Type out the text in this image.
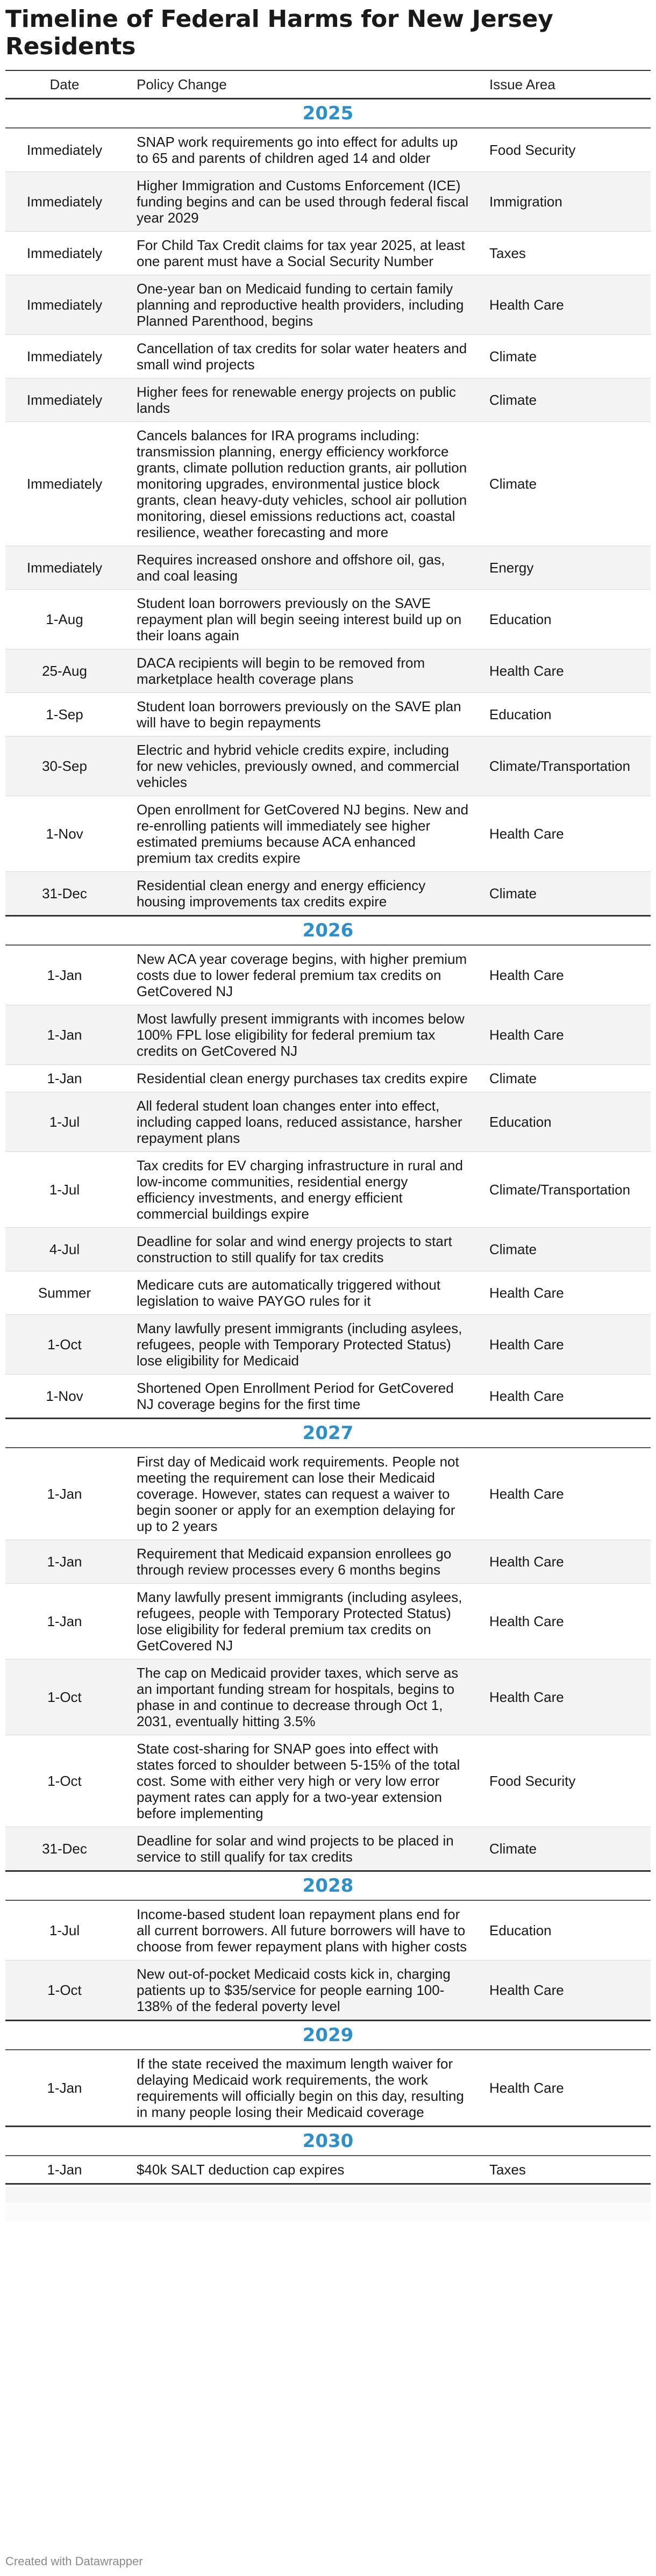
Timeline of Federal Harms for New Jersey Residents
Date	Policy Change	Issue Area
2025		
Immediately	SNAP work requirements go into effect for adults up to 65 and parents of children aged 14 and older	Food Security
Immediately	Higher Immigration and Customs Enforcement (ICE) funding begins and can be used through federal fiscal year 2029	Immigration
Immediately	For Child Tax Credit claims for tax year 2025, at least one parent must have a Social Security Number	Taxes
Immediately	One-year ban on Medicaid funding to certain family planning and reproductive health providers, including Planned Parenthood, begins	Health Care
Immediately	Cancellation of tax credits for solar water heaters and small wind projects	Climate
Immediately	Higher fees for renewable energy projects on public lands	Climate
Immediately	Cancels balances for IRA programs including: transmission planning, energy efficiency workforce grants, climate pollution reduction grants, air pollution monitoring upgrades, environmental justice block grants, clean heavy-duty vehicles, school air pollution monitoring, diesel emissions reductions act, coastal resilience, weather forecasting and more	Climate
Immediately	Requires increased onshore and offshore oil, gas, and coal leasing	Energy
1-Aug	Student loan borrowers previously on the SAVE repayment plan will begin seeing interest build up on their loans again	Education
25-Aug	DACA recipients will begin to be removed from marketplace health coverage plans	Health Care
1-Sep	Student loan borrowers previously on the SAVE plan will have to begin repayments	Education
30-Sep	Electric and hybrid vehicle credits expire, including for new vehicles, previously owned, and commercial vehicles	Climate/Transportation
1-Nov	Open enrollment for GetCovered NJ begins. New and re-enrolling patients will immediately see higher estimated premiums because ACA enhanced premium tax credits expire	Health Care
31-Dec	Residential clean energy and energy efficiency housing improvements tax credits expire	Climate
2026		
1-Jan	New ACA year coverage begins, with higher premium costs due to lower federal premium tax credits on GetCovered NJ	Health Care
1-Jan	Most lawfully present immigrants with incomes below 100% FPL lose eligibility for federal premium tax credits on GetCovered NJ	Health Care
1-Jan	Residential clean energy purchases tax credits expire	Climate
1-Jul	All federal student loan changes enter into effect, including capped loans, reduced assistance, harsher repayment plans	Education
1-Jul	Tax credits for EV charging infrastructure in rural and low-income communities, residential energy efficiency investments, and energy efficient commercial buildings expire	Climate/Transportation
4-Jul	Deadline for solar and wind energy projects to start construction to still qualify for tax credits	Climate
Summer	Medicare cuts are automatically triggered without legislation to waive PAYGO rules for it	Health Care
1-Oct	Many lawfully present immigrants (including asylees, refugees, people with Temporary Protected Status) lose eligibility for Medicaid	Health Care
1-Nov	Shortened Open Enrollment Period for GetCovered NJ coverage begins for the first time	Health Care
2027		
1-Jan	First day of Medicaid work requirements. People not meeting the requirement can lose their Medicaid coverage. However, states can request a waiver to begin sooner or apply for an exemption delaying for up to 2 years	Health Care
1-Jan	Requirement that Medicaid expansion enrollees go through review processes every 6 months begins	Health Care
1-Jan	Many lawfully present immigrants (including asylees, refugees, people with Temporary Protected Status) lose eligibility for federal premium tax credits on GetCovered NJ	Health Care
1-Oct	The cap on Medicaid provider taxes, which serve as an important funding stream for hospitals, begins to phase in and continue to decrease through Oct 1, 2031, eventually hitting 3.5%	Health Care
1-Oct	State cost-sharing for SNAP goes into effect with states forced to shoulder between 5-15% of the total cost. Some with either very high or very low error payment rates can apply for a two-year extension before implementing	Food Security
31-Dec	Deadline for solar and wind projects to be placed in service to still qualify for tax credits	Climate
2028		
1-Jul	Income-based student loan repayment plans end for all current borrowers. All future borrowers will have to choose from fewer repayment plans with higher costs	Education
1-Oct	New out-of-pocket Medicaid costs kick in, charging patients up to $35/service for people earning 100-138% of the federal poverty level	Health Care
2029		
1-Jan	If the state received the maximum length waiver for delaying Medicaid work requirements, the work requirements will officially begin on this day, resulting in many people losing their Medicaid coverage	Health Care
2030		
1-Jan	$40k SALT deduction cap expires	Taxes
Created with Datawrapper
